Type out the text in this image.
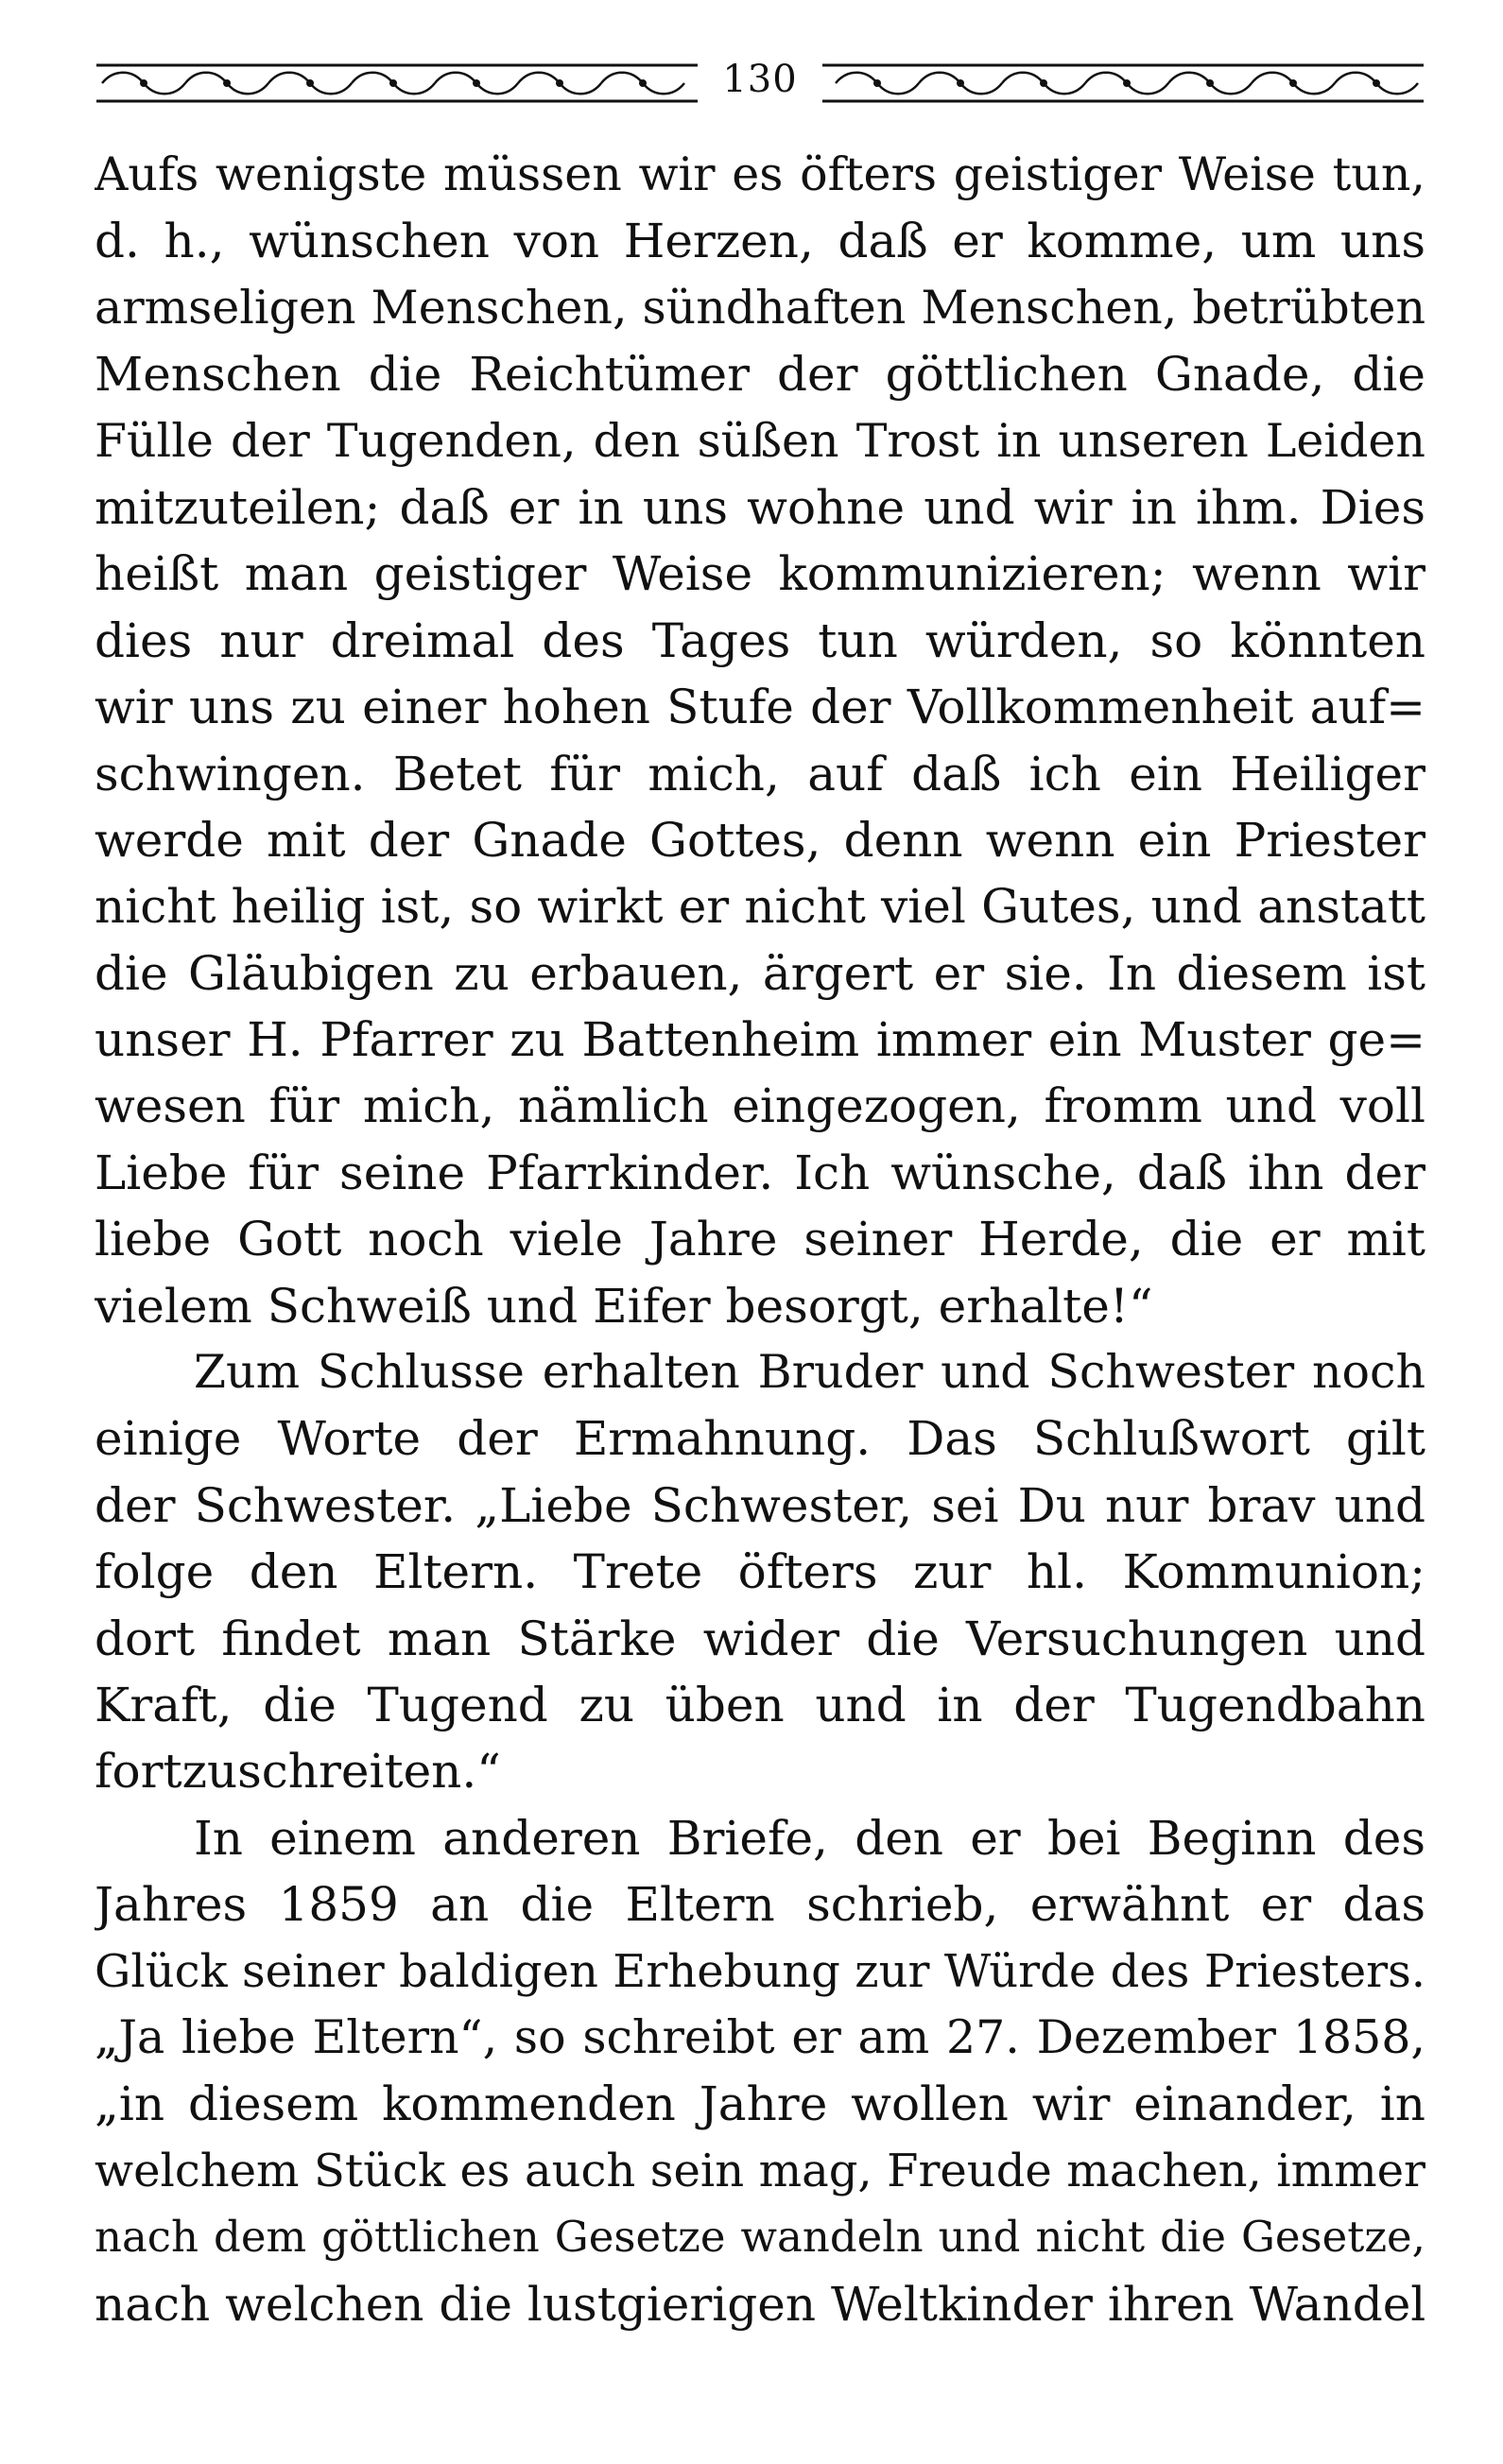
130
Aufs wenigste müssen wir es öfters geistiger Weise tun,
d. h., wünschen von Herzen, daß er komme, um uns
armseligen Menschen, sündhaften Menschen, betrübten
Menschen die Reichtümer der göttlichen Gnade, die
Fülle der Tugenden, den süßen Trost in unseren Leiden
mitzuteilen; daß er in uns wohne und wir in ihm. Dies
heißt man geistiger Weise kommunizieren; wenn wir
dies nur dreimal des Tages tun würden, so könnten
wir uns zu einer hohen Stufe der Vollkommenheit auf=
schwingen. Betet für mich, auf daß ich ein Heiliger
werde mit der Gnade Gottes, denn wenn ein Priester
nicht heilig ist, so wirkt er nicht viel Gutes, und anstatt
die Gläubigen zu erbauen, ärgert er sie. In diesem ist
unser H. Pfarrer zu Battenheim immer ein Muster ge=
wesen für mich, nämlich eingezogen, fromm und voll
Liebe für seine Pfarrkinder. Ich wünsche, daß ihn der
liebe Gott noch viele Jahre seiner Herde, die er mit
vielem Schweiß und Eifer besorgt, erhalte!“
Zum Schlusse erhalten Bruder und Schwester noch
einige Worte der Ermahnung. Das Schlußwort gilt
der Schwester. „Liebe Schwester, sei Du nur brav und
folge den Eltern. Trete öfters zur hl. Kommunion;
dort findet man Stärke wider die Versuchungen und
Kraft, die Tugend zu üben und in der Tugendbahn
fortzuschreiten.“
In einem anderen Briefe, den er bei Beginn des
Jahres 1859 an die Eltern schrieb, erwähnt er das
Glück seiner baldigen Erhebung zur Würde des Priesters.
„Ja liebe Eltern“, so schreibt er am 27. Dezember 1858,
„in diesem kommenden Jahre wollen wir einander, in
welchem Stück es auch sein mag, Freude machen, immer
nach dem göttlichen Gesetze wandeln und nicht die Gesetze,
nach welchen die lustgierigen Weltkinder ihren Wandel
